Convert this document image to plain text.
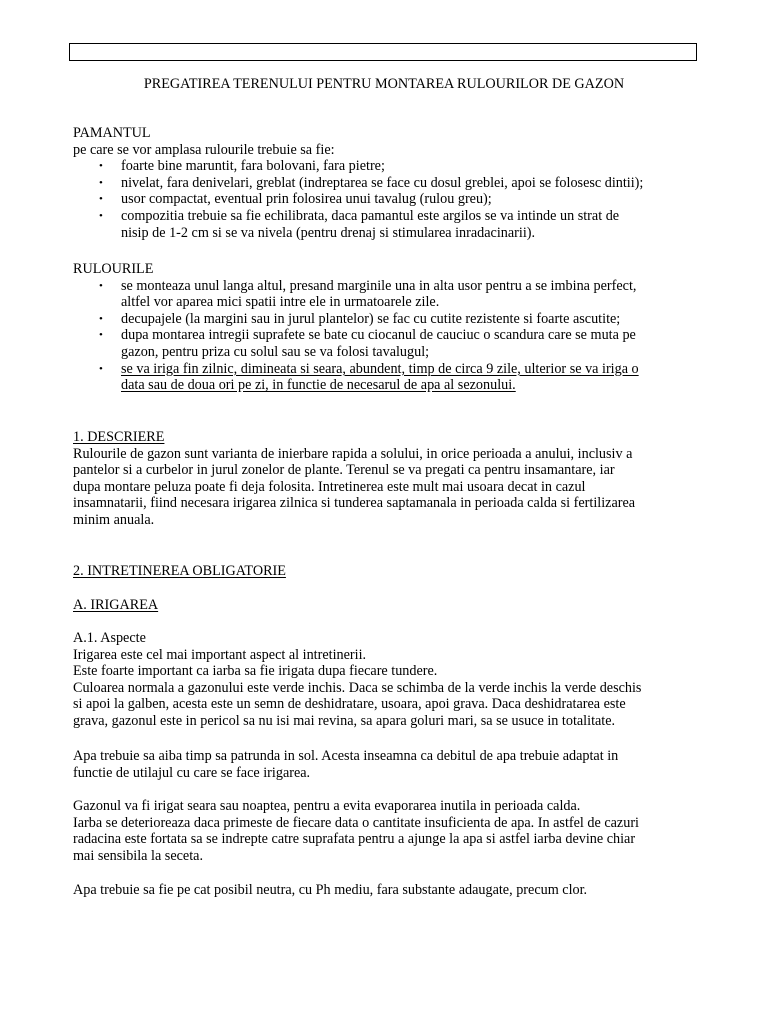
PREGATIREA TERENULUI PENTRU MONTAREA RULOURILOR DE GAZON
PAMANTUL
pe care se vor amplasa rulourile trebuie sa fie:
• foarte bine maruntit, fara bolovani, fara pietre;
• nivelat, fara denivelari, greblat (indreptarea se face cu dosul greblei, apoi se folosesc dintii);
• usor compactat, eventual prin folosirea unui tavalug (rulou greu);
• compozitia trebuie sa fie echilibrata, daca pamantul este argilos se va intinde un strat de
nisip de 1-2 cm si se va nivela (pentru drenaj si stimularea inradacinarii).
RULOURILE
• se monteaza unul langa altul, presand marginile una in alta usor pentru a se imbina perfect,
altfel vor aparea mici spatii intre ele in urmatoarele zile.
• decupajele (la margini sau in jurul plantelor) se fac cu cutite rezistente si foarte ascutite;
• dupa montarea intregii suprafete se bate cu ciocanul de cauciuc o scandura care se muta pe
gazon, pentru priza cu solul sau se va folosi tavalugul;
• se va iriga fin zilnic, dimineata si seara, abundent, timp de circa 9 zile, ulterior se va iriga o
data sau de doua ori pe zi, in functie de necesarul de apa al sezonului.
1. DESCRIERE
Rulourile de gazon sunt varianta de inierbare rapida a solului, in orice perioada a anului, inclusiv a
pantelor si a curbelor in jurul zonelor de plante. Terenul se va pregati ca pentru insamantare, iar
dupa montare peluza poate fi deja folosita. Intretinerea este mult mai usoara decat in cazul
insamnatarii, fiind necesara irigarea zilnica si tunderea saptamanala in perioada calda si fertilizarea
minim anuala.
2. INTRETINEREA OBLIGATORIE
A. IRIGAREA
A.1. Aspecte
Irigarea este cel mai important aspect al intretinerii.
Este foarte important ca iarba sa fie irigata dupa fiecare tundere.
Culoarea normala a gazonului este verde inchis. Daca se schimba de la verde inchis la verde deschis
si apoi la galben, acesta este un semn de deshidratare, usoara, apoi grava. Daca deshidratarea este
grava, gazonul este in pericol sa nu isi mai revina, sa apara goluri mari, sa se usuce in totalitate.
Apa trebuie sa aiba timp sa patrunda in sol. Acesta inseamna ca debitul de apa trebuie adaptat in
functie de utilajul cu care se face irigarea.
Gazonul va fi irigat seara sau noaptea, pentru a evita evaporarea inutila in perioada calda.
Iarba se deterioreaza daca primeste de fiecare data o cantitate insuficienta de apa. In astfel de cazuri
radacina este fortata sa se indrepte catre suprafata pentru a ajunge la apa si astfel iarba devine chiar
mai sensibila la seceta.
Apa trebuie sa fie pe cat posibil neutra, cu Ph mediu, fara substante adaugate, precum clor.
